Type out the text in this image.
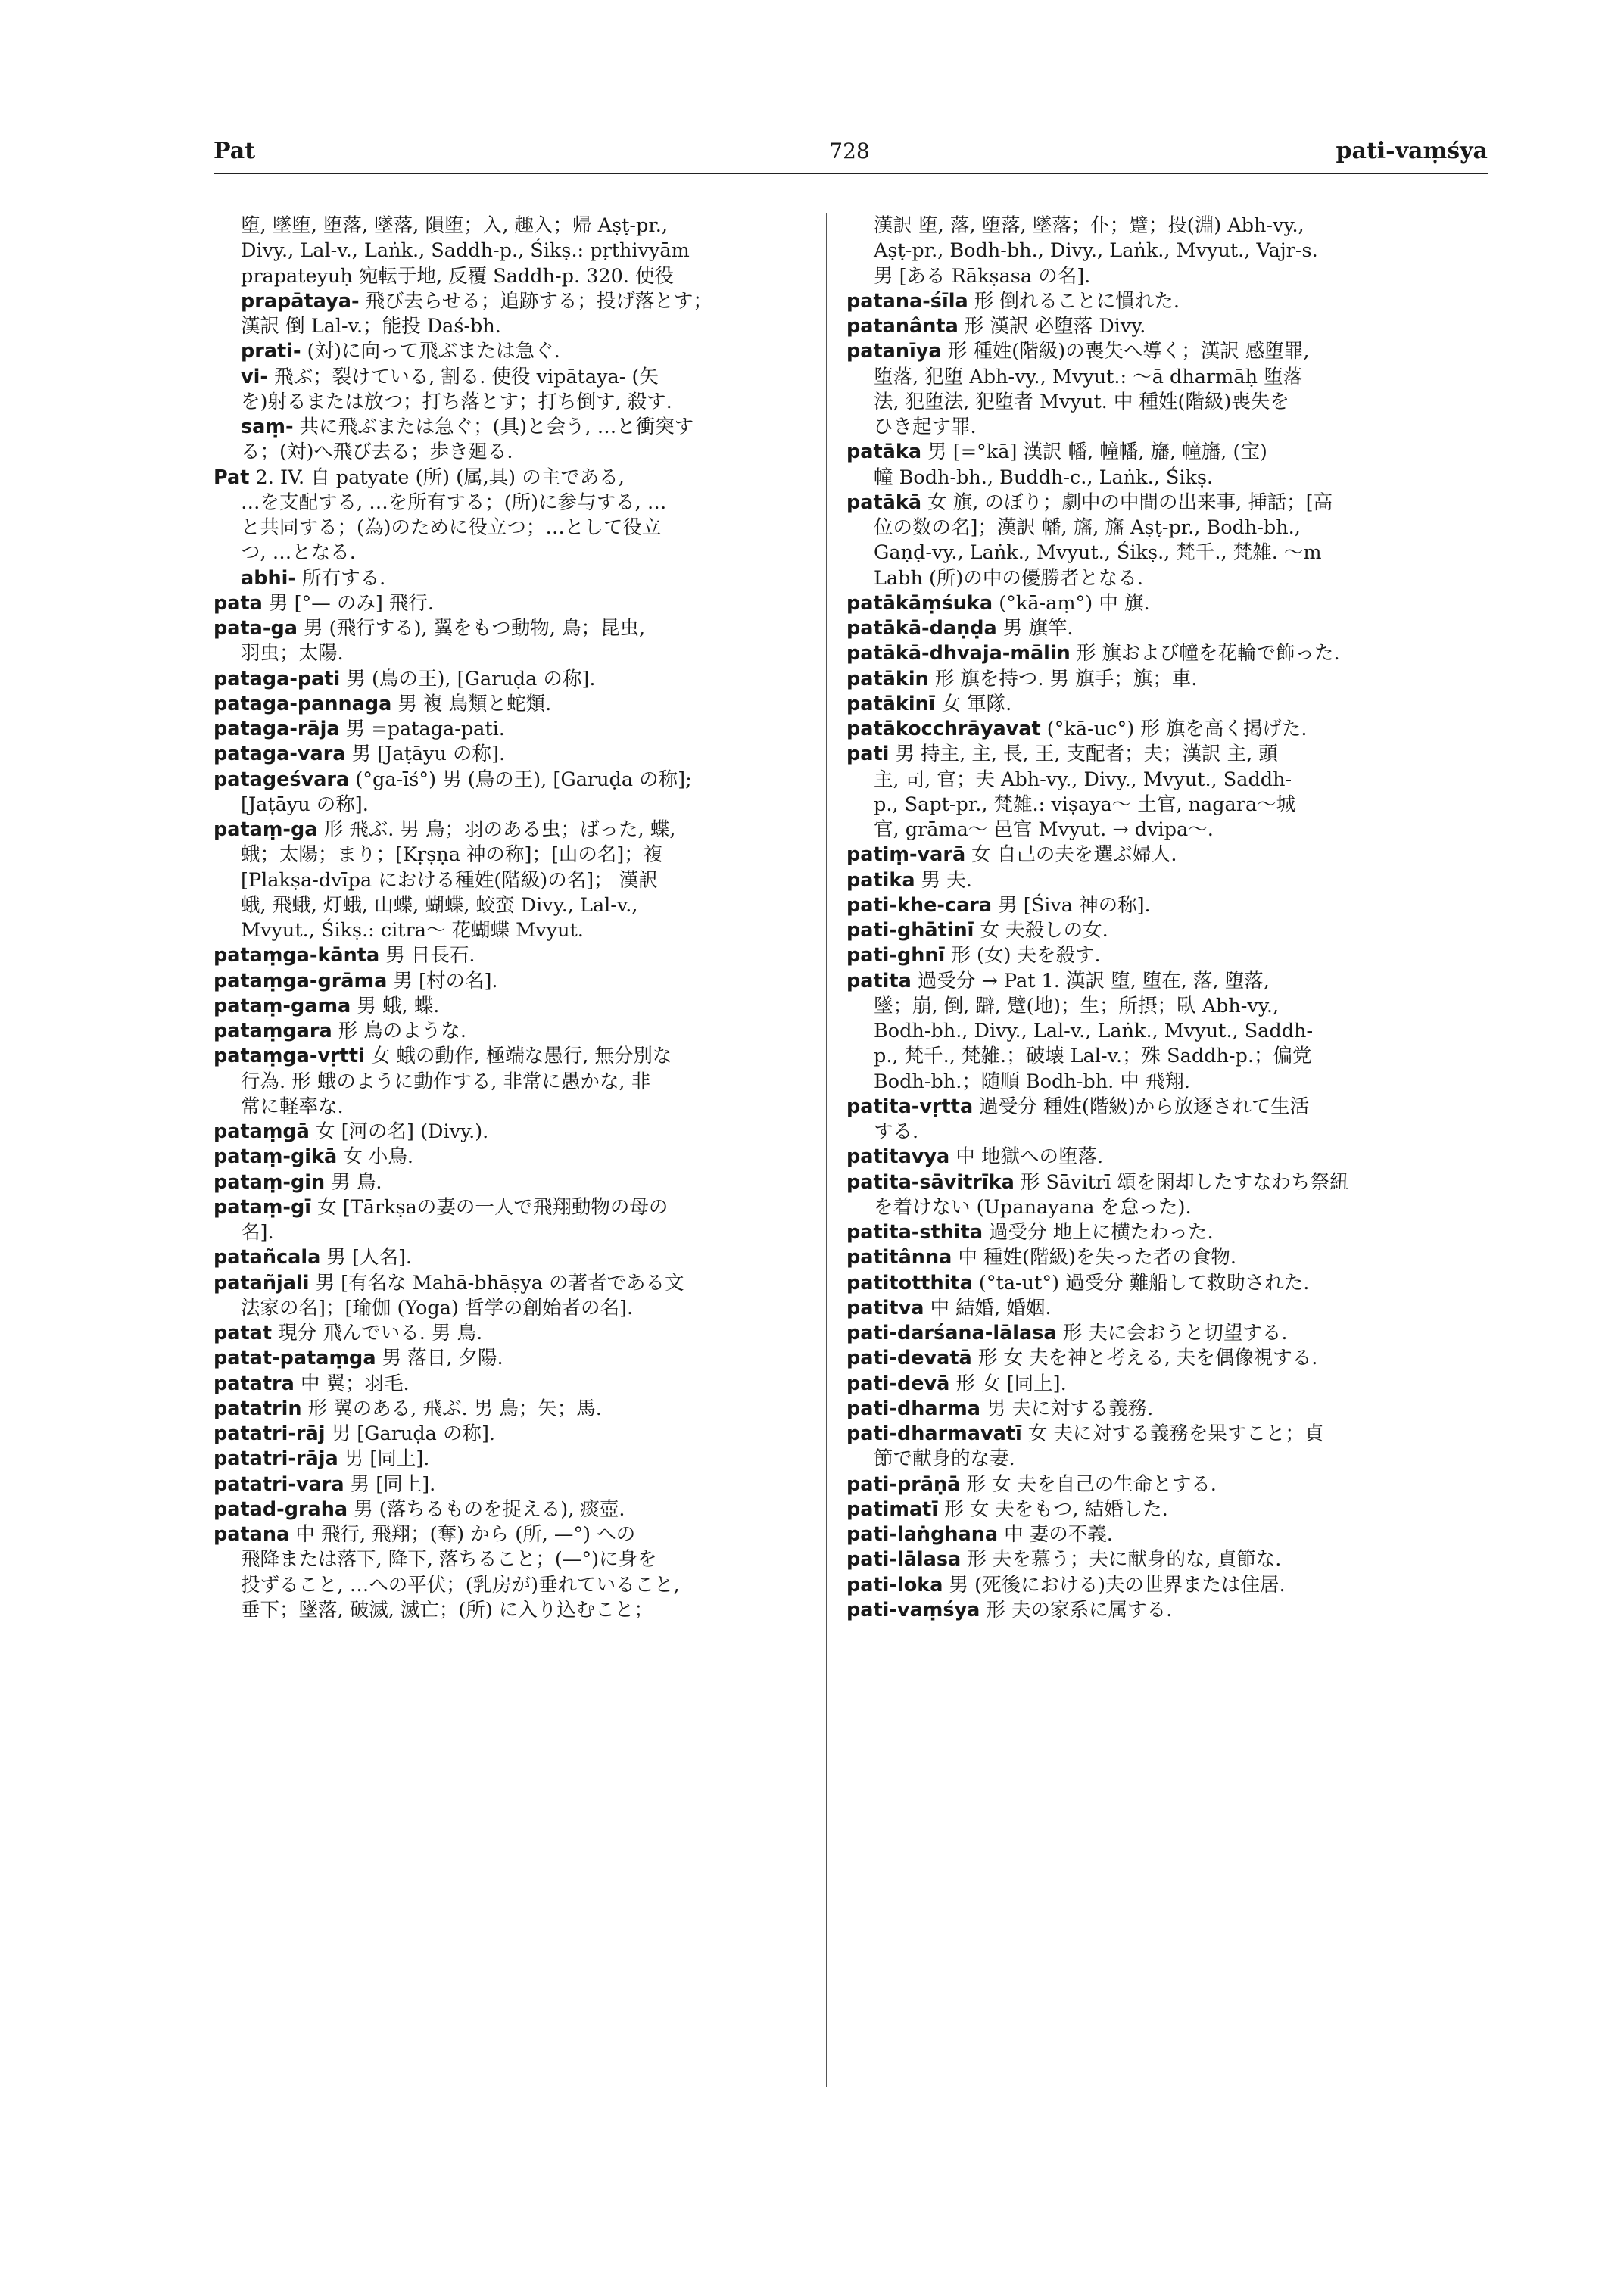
Pat	728	pati-vaṃśya
堕, 墜堕, 堕落, 墜落, 隕堕；入, 趣入；帰 Aṣṭ-pr.,
Divy., Lal-v., Laṅk., Saddh-p., Śikṣ.: pṛthivyām
prapateyuḥ 宛転于地, 反覆 Saddh-p. 320. 使役
prapātaya- 飛び去らせる；追跡する；投げ落とす；
漢訳 倒 Lal-v.；能投 Daś-bh.
prati- (対)に向って飛ぶまたは急ぐ.
vi- 飛ぶ；裂けている, 割る. 使役 vipātaya- (矢
を)射るまたは放つ；打ち落とす；打ち倒す, 殺す.
saṃ- 共に飛ぶまたは急ぐ；(具)と会う, …と衝突す
る；(対)へ飛び去る；歩き廻る.
Pat 2. IV. 自 patyate (所) (属,具) の主である,
…を支配する, …を所有する；(所)に参与する, …
と共同する；(為)のために役立つ；…として役立
つ, …となる.
abhi- 所有する.
pata 男 [°— のみ] 飛行.
pata-ga 男 (飛行する), 翼をもつ動物, 鳥；昆虫,
羽虫；太陽.
pataga-pati 男 (鳥の王), [Garuḍa の称].
pataga-pannaga 男 複 鳥類と蛇類.
pataga-rāja 男 =pataga-pati.
pataga-vara 男 [Jaṭāyu の称].
patageśvara (°ga-īś°) 男 (鳥の王), [Garuḍa の称];
[Jaṭāyu の称].
pataṃ-ga 形 飛ぶ. 男 鳥；羽のある虫；ばった, 蝶,
蛾；太陽；まり；[Kṛṣṇa 神の称]；[山の名]；複
[Plakṣa-dvīpa における種姓(階級)の名]； 漢訳
蛾, 飛蛾, 灯蛾, 山蝶, 蝴蝶, 蛟蛮 Divy., Lal-v.,
Mvyut., Śikṣ.: citra～ 花蝴蝶 Mvyut.
pataṃga-kānta 男 日長石.
pataṃga-grāma 男 [村の名].
pataṃ-gama 男 蛾, 蝶.
pataṃgara 形 鳥のような.
pataṃga-vṛtti 女 蛾の動作, 極端な愚行, 無分別な
行為. 形 蛾のように動作する, 非常に愚かな, 非
常に軽率な.
pataṃgā 女 [河の名] (Divy.).
pataṃ-gikā 女 小鳥.
pataṃ-gin 男 鳥.
pataṃ-gī 女 [Tārkṣaの妻の一人で飛翔動物の母の
名].
patañcala 男 [人名].
patañjali 男 [有名な Mahā-bhāṣya の著者である文
法家の名]；[瑜伽 (Yoga) 哲学の創始者の名].
patat 現分 飛んでいる. 男 鳥.
patat-pataṃga 男 落日, 夕陽.
patatra 中 翼；羽毛.
patatrin 形 翼のある, 飛ぶ. 男 鳥；矢；馬.
patatri-rāj 男 [Garuḍa の称].
patatri-rāja 男 [同上].
patatri-vara 男 [同上].
patad-graha 男 (落ちるものを捉える), 痰壺.
patana 中 飛行, 飛翔；(奪) から (所, —°) への
飛降または落下, 降下, 落ちること；(—°)に身を
投ずること, …への平伏；(乳房が)垂れていること,
垂下；墜落, 破滅, 滅亡；(所) に入り込むこと；
漢訳 堕, 落, 堕落, 墜落；仆；躄；投(淵) Abh-vy.,
Aṣṭ-pr., Bodh-bh., Divy., Laṅk., Mvyut., Vajr-s.
男 [ある Rākṣasa の名].
patana-śīla 形 倒れることに慣れた.
patanânta 形 漢訳 必堕落 Divy.
patanīya 形 種姓(階級)の喪失へ導く；漢訳 感堕罪,
堕落, 犯堕 Abh-vy., Mvyut.: ～ā dharmāḥ 堕落
法, 犯堕法, 犯堕者 Mvyut. 中 種姓(階級)喪失を
ひき起す罪.
patāka 男 [=°kā] 漢訳 幡, 幢幡, 旛, 幢旛, (宝)
幢 Bodh-bh., Buddh-c., Laṅk., Śikṣ.
patākā 女 旗, のぼり；劇中の中間の出来事, 挿話；[高
位の数の名]；漢訳 幡, 旛, 旛 Aṣṭ-pr., Bodh-bh.,
Gaṇḍ-vy., Laṅk., Mvyut., Śikṣ., 梵千., 梵雑. ～m
Labh (所)の中の優勝者となる.
patākāṃśuka (°kā-aṃ°) 中 旗.
patākā-daṇḍa 男 旗竿.
patākā-dhvaja-mālin 形 旗および幢を花輪で飾った.
patākin 形 旗を持つ. 男 旗手；旗；車.
patākinī 女 軍隊.
patākocchrāyavat (°kā-uc°) 形 旗を高く掲げた.
pati 男 持主, 主, 長, 王, 支配者；夫；漢訳 主, 頭
主, 司, 官；夫 Abh-vy., Divy., Mvyut., Saddh-
p., Sapt-pr., 梵雑.: viṣaya～ 土官, nagara～城
官, grāma～ 邑官 Mvyut. → dvipa～.
patiṃ-varā 女 自己の夫を選ぶ婦人.
patika 男 夫.
pati-khe-cara 男 [Śiva 神の称].
pati-ghātinī 女 夫殺しの女.
pati-ghnī 形 (女) 夫を殺す.
patita 過受分 → Pat 1. 漢訳 堕, 堕在, 落, 堕落,
墜；崩, 倒, 躃, 躄(地)；生；所摂；臥 Abh-vy.,
Bodh-bh., Divy., Lal-v., Laṅk., Mvyut., Saddh-
p., 梵千., 梵雑.；破壊 Lal-v.；殊 Saddh-p.；偏党
Bodh-bh.；随順 Bodh-bh. 中 飛翔.
patita-vṛtta 過受分 種姓(階級)から放逐されて生活
する.
patitavya 中 地獄への堕落.
patita-sāvitrīka 形 Sāvitrī 頌を閑却したすなわち祭紐
を着けない (Upanayana を怠った).
patita-sthita 過受分 地上に横たわった.
patitânna 中 種姓(階級)を失った者の食物.
patitotthita (°ta-ut°) 過受分 難船して救助された.
patitva 中 結婚, 婚姻.
pati-darśana-lālasa 形 夫に会おうと切望する.
pati-devatā 形 女 夫を神と考える, 夫を偶像視する.
pati-devā 形 女 [同上].
pati-dharma 男 夫に対する義務.
pati-dharmavatī 女 夫に対する義務を果すこと；貞
節で献身的な妻.
pati-prāṇā 形 女 夫を自己の生命とする.
patimatī 形 女 夫をもつ, 結婚した.
pati-laṅghana 中 妻の不義.
pati-lālasa 形 夫を慕う；夫に献身的な, 貞節な.
pati-loka 男 (死後における)夫の世界または住居.
pati-vaṃśya 形 夫の家系に属する.
